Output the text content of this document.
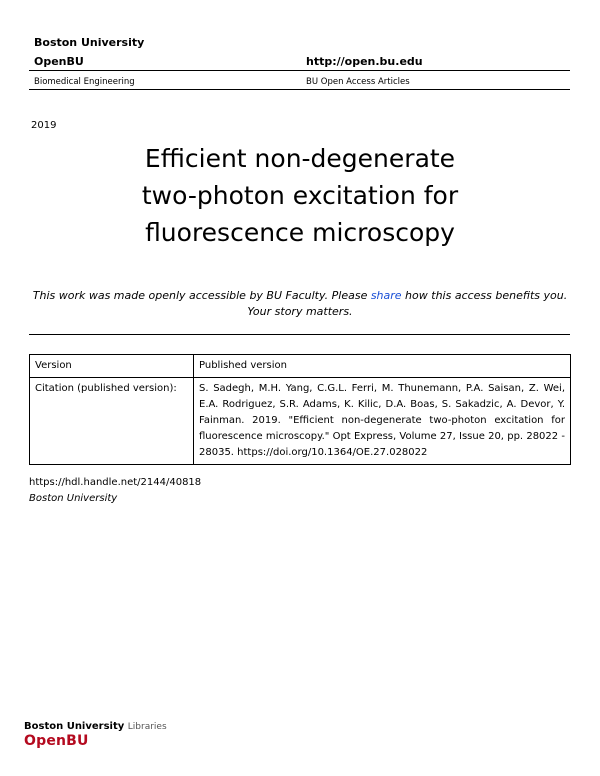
Boston University
OpenBU	http://open.bu.edu
Biomedical Engineering	BU Open Access Articles
2019
Efficient non-degenerate
two-photon excitation for
fluorescence microscopy
This work was made openly accessible by BU Faculty. Please share how this access benefits you.
Your story matters.
Version	Published version
Citation (published version):	S. Sadegh, M.H. Yang, C.G.L. Ferri, M. Thunemann, P.A. Saisan, Z. Wei, E.A. Rodriguez, S.R. Adams, K. Kilic, D.A. Boas, S. Sakadzic, A. Devor, Y. Fainman. 2019. "Efficient non-degenerate two-photon excitation for fluorescence microscopy." Opt Express, Volume 27, Issue 20, pp. 28022 - 28035. https://doi.org/10.1364/OE.27.028022
https://hdl.handle.net/2144/40818
Boston University
Boston University Libraries
OpenBU
